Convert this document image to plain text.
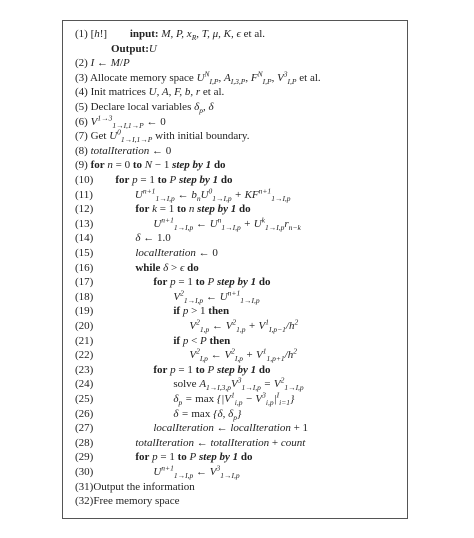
(1) [h!] input: M, P, $x_R$, T, μ, K, ϵ et al.
Output:U
(2) I ← M/P
(3) Allocate memory space $U^N_{I,P}$, $A_{I,3,P}$, $F^N_{I,P}$, $V^3_{I,P}$ et al.
(4) Init matrices U, A, F, b, r et al.
(5) Declare local variables $\delta_p$, δ
(6) $V^{1\to 3}_{1\to I,1\to P}$ ← 0
(7) Get $U^0_{1\to I,1\to P}$ with initial boundary.
(8) totalIteration ← 0
(9) for n = 0 to N − 1 step by 1 do
(10) for p = 1 to P step by 1 do
(11)	$U^{n+1}_{1\to I,p}$ ← $b_nU^0_{1\to I,p} + KF^{n+1}_{1\to I,p}$
(12)	for k = 1 to n step by 1 do
(13)	$U^{n+1}_{1\to I,p}$ ← $U^n_{1\to I,p} + U^k_{1\to I,p}r_{n-k}$
(14)	δ ← 1.0
(15)	localIteration ← 0
(16)	while δ > ϵ do
(17)	for p = 1 to P step by 1 do
(18)	$V^2_{1\to I,p}$ ← $U^{n+1}_{1\to I,p}$
(19)	if p > 1 then
(20)	$V^2_{1,p}$ ← $V^2_{1,p} + V^1_{I,p-1}/h^2$
(21)	if p < P then
(22)	$V^2_{I,p}$ ← $V^2_{I,p} + V^1_{1,p+1}/h^2$
(23)	for p = 1 to P step by 1 do
(24)	solve $A_{1\to I,3,p}V^3_{1\to I,p} = V^2_{1\to I,p}$
(25)	$\delta_p = \max \{|V^1_{i,p} - V^3_{i,p}|^I_{i=1}\}$
(26)	δ = max {δ, $\delta_p$}
(27)	localIteration ← localIteration + 1
(28)	totalIteration ← totalIteration + count
(29)	for p = 1 to P step by 1 do
(30)	$U^{n+1}_{1\to I,p}$ ← $V^3_{1\to I,p}$
(31)Output the information
(32)Free memory space
